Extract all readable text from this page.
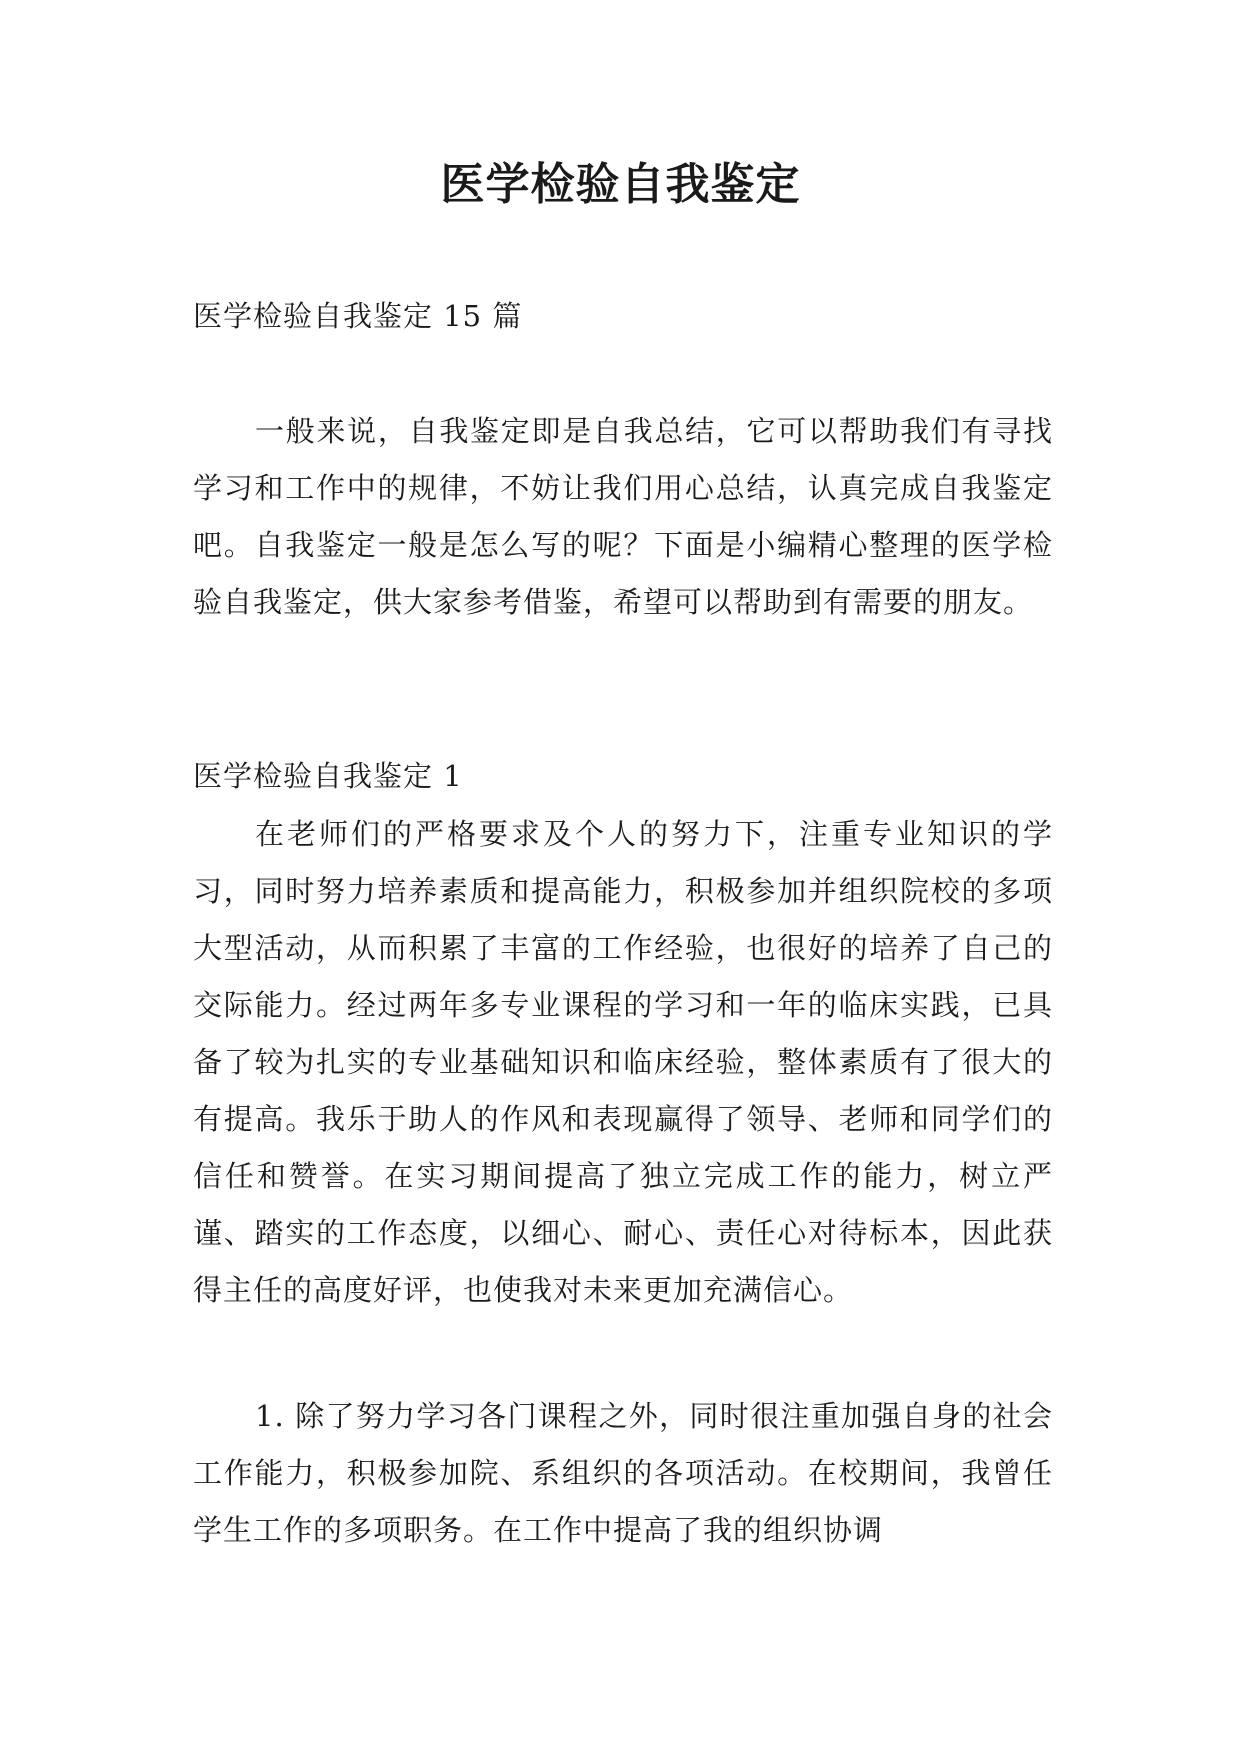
医学检验自我鉴定

医学检验自我鉴定 15 篇

一般来说，自我鉴定即是自我总结，它可以帮助我们有寻找学习和工作中的规律，不妨让我们用心总结，认真完成自我鉴定吧。自我鉴定一般是怎么写的呢？下面是小编精心整理的医学检验自我鉴定，供大家参考借鉴，希望可以帮助到有需要的朋友。

医学检验自我鉴定 1

在老师们的严格要求及个人的努力下，注重专业知识的学习，同时努力培养素质和提高能力，积极参加并组织院校的多项大型活动，从而积累了丰富的工作经验，也很好的培养了自己的交际能力。经过两年多专业课程的学习和一年的临床实践，已具备了较为扎实的专业基础知识和临床经验，整体素质有了很大的有提高。我乐于助人的作风和表现赢得了领导、老师和同学们的信任和赞誉。在实习期间提高了独立完成工作的能力，树立严谨、踏实的工作态度，以细心、耐心、责任心对待标本，因此获得主任的高度好评，也使我对未来更加充满信心。

1. 除了努力学习各门课程之外，同时很注重加强自身的社会工作能力，积极参加院、系组织的各项活动。在校期间，我曾任学生工作的多项职务。在工作中提高了我的组织协调
